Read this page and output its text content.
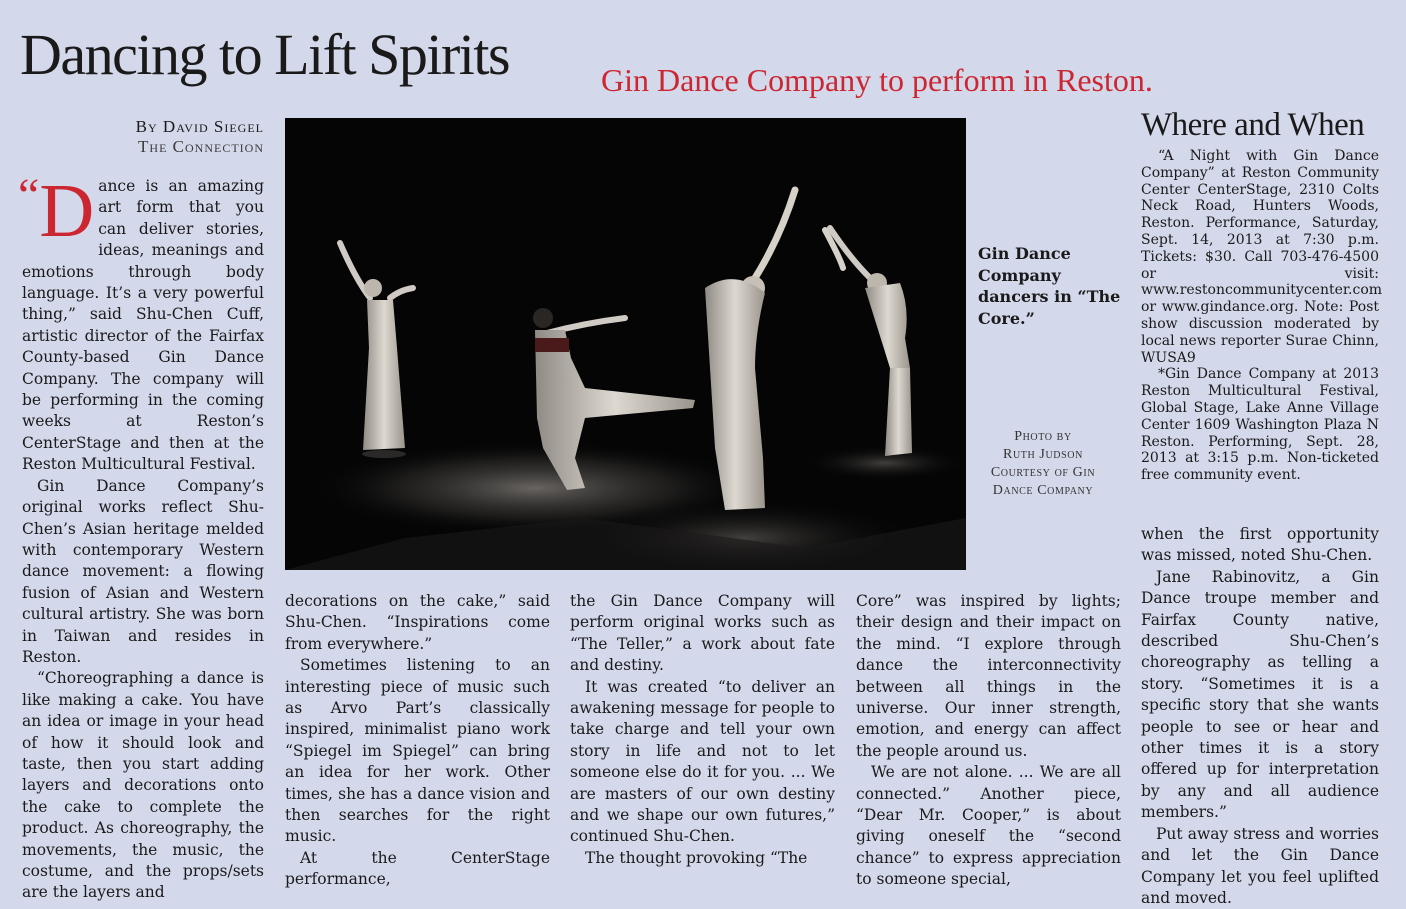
Dancing to Lift Spirits	Gin Dance Company to perform in Reston.
By David Siegel
The Connection

“ D ance is an amazing art form that you can deliver stories, ideas, meanings and emotions through body language. It’s a very powerful thing,” said Shu-Chen Cuff, artistic director of the Fairfax County-based Gin Dance Company. The company will be performing in the coming weeks at Reston’s CenterStage and then at the Reston Multicultural Festival.

Gin Dance Company’s original works reflect Shu-Chen’s Asian heritage melded with contemporary Western dance movement: a flowing fusion of Asian and Western cultural artistry. She was born in Taiwan and resides in Reston.

“Choreographing a dance is like making a cake. You have an idea or image in your head of how it should look and taste, then you start adding layers and decorations onto the cake to complete the product. As choreography, the movements, the music, the costume, and the props/sets are the layers and

Gin Dance Company dancers in “The Core.”
Photo by
Ruth Judson
Courtesy of Gin
Dance Company
Where and When

“A Night with Gin Dance Company” at Reston Community Center CenterStage, 2310 Colts Neck Road, Hunters Woods, Reston. Performance, Saturday, Sept. 14, 2013 at 7:30 p.m. Tickets: $30. Call 703-476-4500 or visit: www.restoncommunitycenter.com or www.gindance.org. Note: Post show discussion moderated by local news reporter Surae Chinn, WUSA9

*Gin Dance Company at 2013 Reston Multicultural Festival, Global Stage, Lake Anne Village Center 1609 Washington Plaza N Reston. Performing, Sept. 28, 2013 at 3:15 p.m. Non-ticketed free community event.

decorations on the cake,” said Shu-Chen. “Inspirations come from everywhere.”

Sometimes listening to an interesting piece of music such as Arvo Part’s classically inspired, minimalist piano work “Spiegel im Spiegel” can bring an idea for her work. Other times, she has a dance vision and then searches for the right music.

At the CenterStage performance,

the Gin Dance Company will perform original works such as “The Teller,” a work about fate and destiny.

It was created “to deliver an awakening message for people to take charge and tell your own story in life and not to let someone else do it for you. ... We are masters of our own destiny and we shape our own futures,” continued Shu-Chen.

The thought provoking “The

Core” was inspired by lights; their design and their impact on the mind. “I explore through dance the interconnectivity between all things in the universe. Our inner strength, emotion, and energy can affect the people around us.

We are not alone. ... We are all connected.” Another piece, “Dear Mr. Cooper,” is about giving oneself the “second chance” to express appreciation to someone special,

when the first opportunity was missed, noted Shu-Chen.

Jane Rabinovitz, a Gin Dance troupe member and Fairfax County native, described Shu-Chen’s choreography as telling a story. “Sometimes it is a specific story that she wants people to see or hear and other times it is a story offered up for interpretation by any and all audience members.”

Put away stress and worries and let the Gin Dance Company let you feel uplifted and moved.
